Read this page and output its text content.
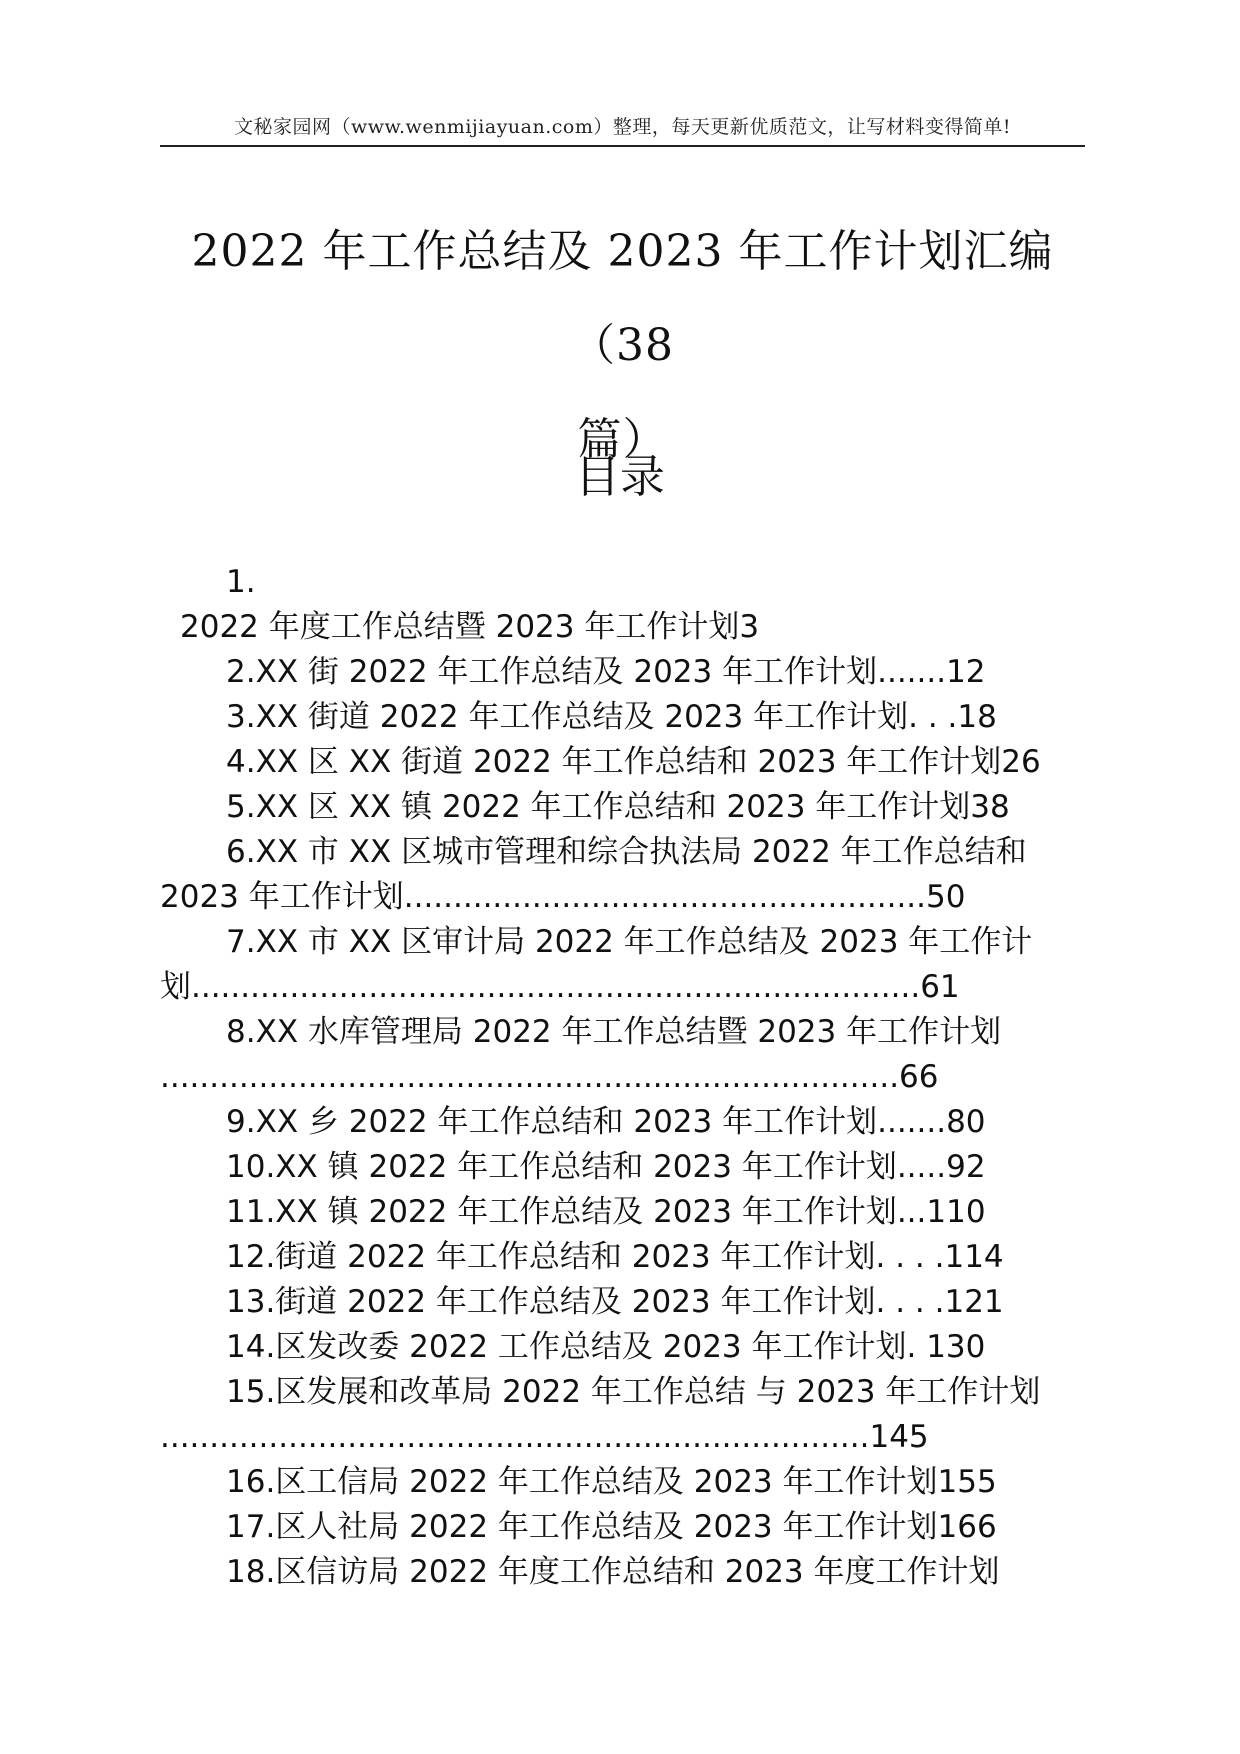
文秘家园网（www.wenmijiayuan.com）整理，每天更新优质范文，让写材料变得简单!
2022 年工作总结及 2023 年工作计划汇编（38
篇）
目录
1.
2022 年度工作总结暨 2023 年工作计划3
2.XX 街 2022 年工作总结及 2023 年工作计划.......12
3.XX 街道 2022 年工作总结及 2023 年工作计划. . .18
4.XX 区 XX 街道 2022 年工作总结和 2023 年工作计划26
5.XX 区 XX 镇 2022 年工作总结和 2023 年工作计划38
6.XX 市 XX 区城市管理和综合执法局 2022 年工作总结和
2023 年工作计划.....................................................50
7.XX 市 XX 区审计局 2022 年工作总结及 2023 年工作计
划..........................................................................61
8.XX 水库管理局 2022 年工作总结暨 2023 年工作计划
...........................................................................66
9.XX 乡 2022 年工作总结和 2023 年工作计划.......80
10.XX 镇 2022 年工作总结和 2023 年工作计划.....92
11.XX 镇 2022 年工作总结及 2023 年工作计划...110
12.街道 2022 年工作总结和 2023 年工作计划. . . .114
13.街道 2022 年工作总结及 2023 年工作计划. . . .121
14.区发改委 2022 工作总结及 2023 年工作计划. 130
15.区发展和改革局 2022 年工作总结 与 2023 年工作计划
........................................................................145
16.区工信局 2022 年工作总结及 2023 年工作计划155
17.区人社局 2022 年工作总结及 2023 年工作计划166
18.区信访局 2022 年度工作总结和 2023 年度工作计划
